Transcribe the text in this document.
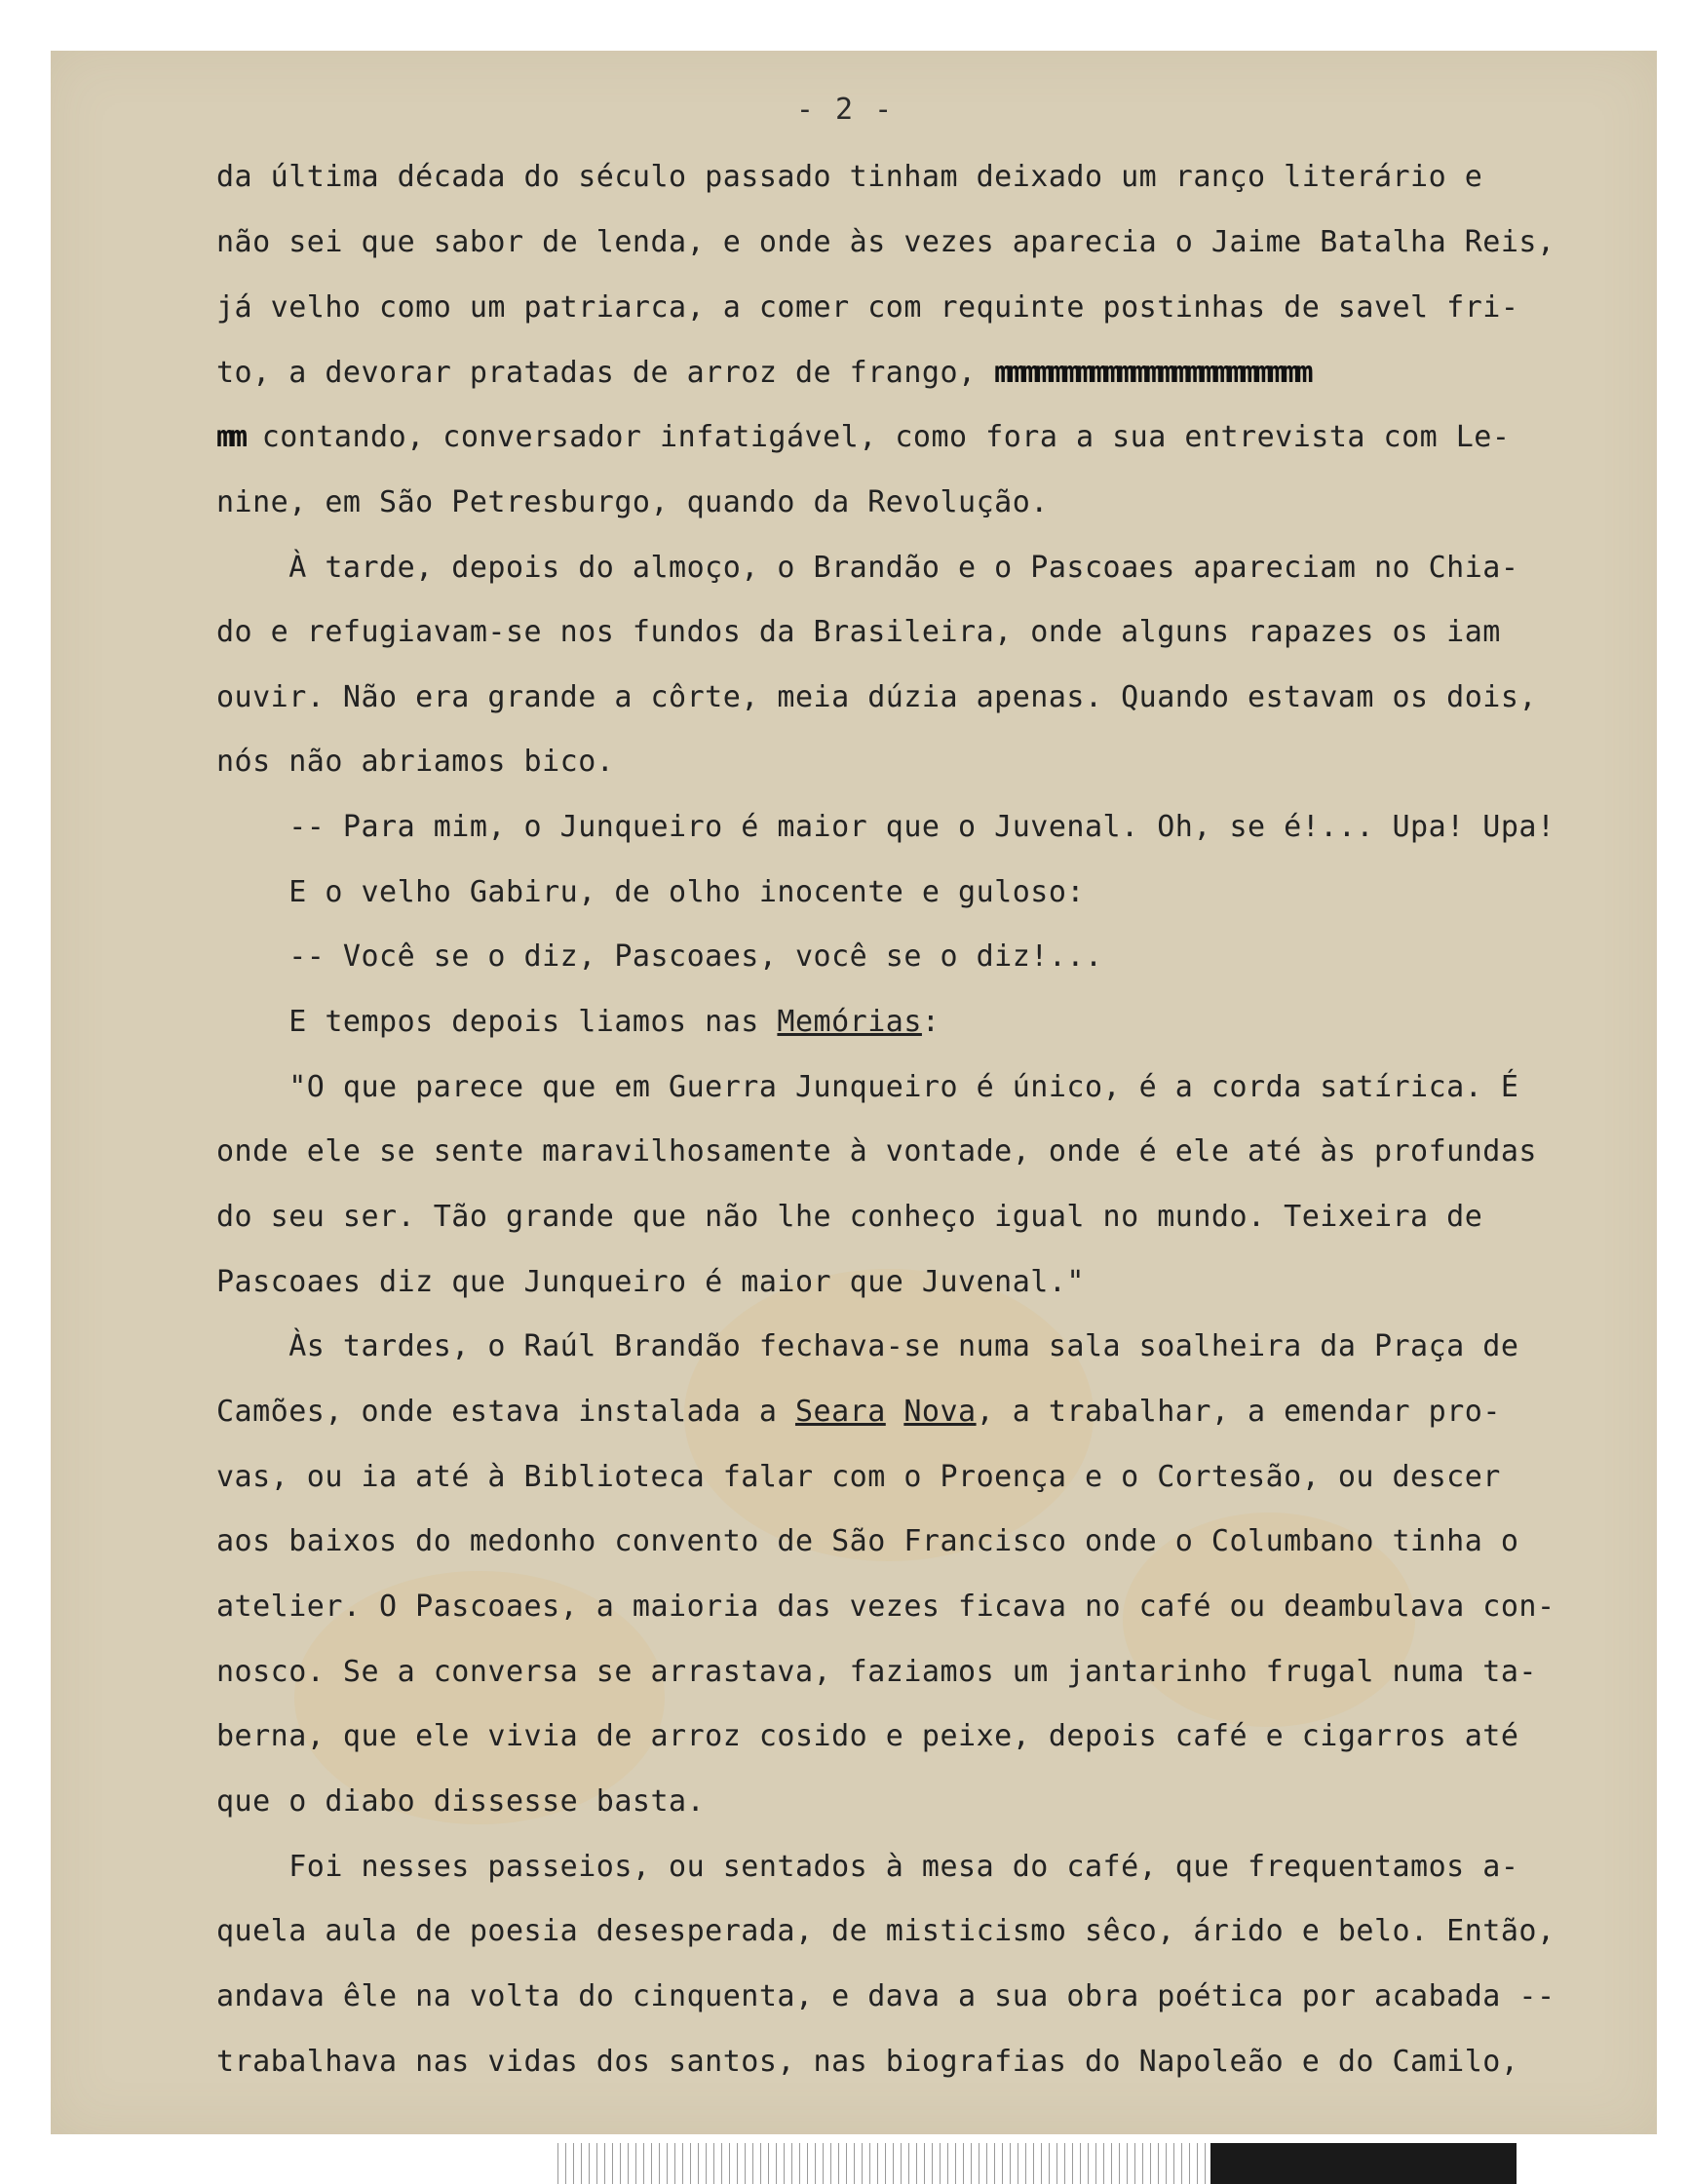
- 2 -
da última década do século passado tinham deixado um ranço literário e
não sei que sabor de lenda, e onde às vezes aparecia o Jaime Batalha Reis,
já velho como um patriarca, a comer com requinte postinhas de savel fri-
to, a devorar pratadas de arroz de frango, mmmmmmmmmmmmmmmmmmmmmmm
mm contando, conversador infatigável, como fora a sua entrevista com Le-
nine, em São Petresburgo, quando da Revolução.
À tarde, depois do almoço, o Brandão e o Pascoaes apareciam no Chia-
do e refugiavam-se nos fundos da Brasileira, onde alguns rapazes os iam
ouvir. Não era grande a côrte, meia dúzia apenas. Quando estavam os dois,
nós não abriamos bico.
-- Para mim, o Junqueiro é maior que o Juvenal. Oh, se é!... Upa! Upa!
E o velho Gabiru, de olho inocente e guloso:
-- Você se o diz, Pascoaes, você se o diz!...
E tempos depois liamos nas Memórias:
"O que parece que em Guerra Junqueiro é único, é a corda satírica. É
onde ele se sente maravilhosamente à vontade, onde é ele até às profundas
do seu ser. Tão grande que não lhe conheço igual no mundo. Teixeira de
Pascoaes diz que Junqueiro é maior que Juvenal."
Às tardes, o Raúl Brandão fechava-se numa sala soalheira da Praça de
Camões, onde estava instalada a Seara Nova, a trabalhar, a emendar pro-
vas, ou ia até à Biblioteca falar com o Proença e o Cortesão, ou descer
aos baixos do medonho convento de São Francisco onde o Columbano tinha o
atelier. O Pascoaes, a maioria das vezes ficava no café ou deambulava con-
nosco. Se a conversa se arrastava, faziamos um jantarinho frugal numa ta-
berna, que ele vivia de arroz cosido e peixe, depois café e cigarros até
que o diabo dissesse basta.
Foi nesses passeios, ou sentados à mesa do café, que frequentamos a-
quela aula de poesia desesperada, de misticismo sêco, árido e belo. Então,
andava êle na volta do cinquenta, e dava a sua obra poética por acabada --
trabalhava nas vidas dos santos, nas biografias do Napoleão e do Camilo,
